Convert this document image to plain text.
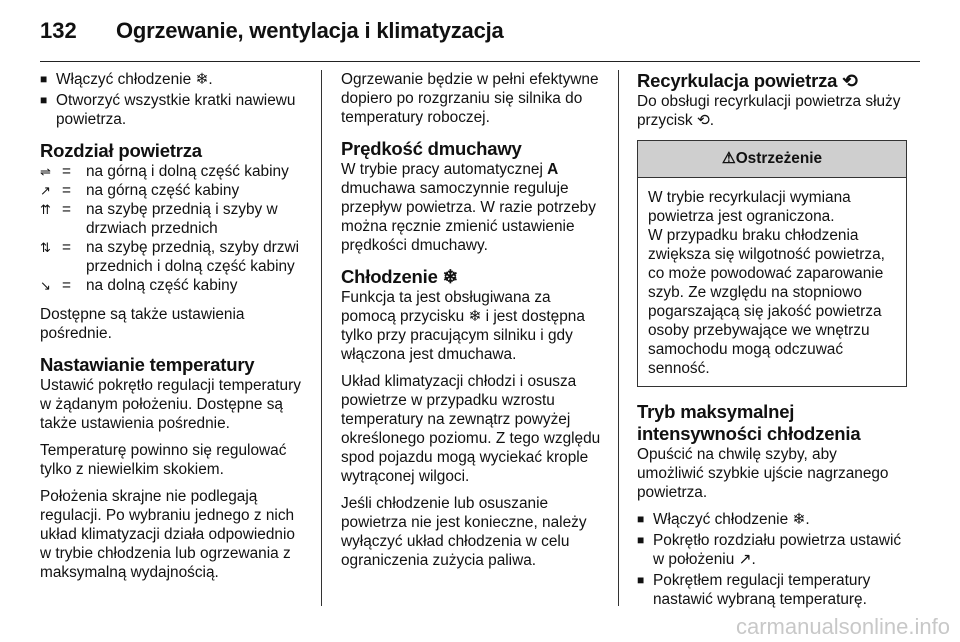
132 Ogrzewanie, wentylacja i klimatyzacja
■ Włączyć chłodzenie ❄.
■ Otworzyć wszystkie kratki nawiewu powietrza.
Rozdział powietrza
⇌ = na górną i dolną część kabiny
↗ = na górną część kabiny
⇈ = na szybę przednią i szyby w drzwiach przednich
⇅ = na szybę przednią, szyby drzwi przednich i dolną część kabiny
↘ = na dolną część kabiny

Dostępne są także ustawienia pośrednie.

Nastawianie temperatury

Ustawić pokrętło regulacji temperatury w żądanym położeniu. Dostępne są także ustawienia pośrednie.

Temperaturę powinno się regulować tylko z niewielkim skokiem.

Położenia skrajne nie podlegają regulacji. Po wybraniu jednego z nich układ klimatyzacji działa odpowiednio w trybie chłodzenia lub ogrzewania z maksymalną wydajnością.

Ogrzewanie będzie w pełni efektywne dopiero po rozgrzaniu się silnika do temperatury roboczej.

Prędkość dmuchawy

W trybie pracy automatycznej A dmuchawa samoczynnie reguluje przepływ powietrza. W razie potrzeby można ręcznie zmienić ustawienie prędkości dmuchawy.

Chłodzenie ❄

Funkcja ta jest obsługiwana za pomocą przycisku ❄ i jest dostępna tylko przy pracującym silniku i gdy włączona jest dmuchawa.

Układ klimatyzacji chłodzi i osusza powietrze w przypadku wzrostu temperatury na zewnątrz powyżej określonego poziomu. Z tego względu spod pojazdu mogą wyciekać krople wytrąconej wilgoci.

Jeśli chłodzenie lub osuszanie powietrza nie jest konieczne, należy wyłączyć układ chłodzenia w celu ograniczenia zużycia paliwa.

Recyrkulacja powietrza ⟲

Do obsługi recyrkulacji powietrza służy przycisk ⟲.

⚠Ostrzeżenie

W trybie recyrkulacji wymiana powietrza jest ograniczona.

W przypadku braku chłodzenia zwiększa się wilgotność powietrza, co może powodować zaparowanie szyb. Ze względu na stopniowo pogarszającą się jakość powietrza osoby przebywające we wnętrzu samochodu mogą odczuwać senność.

Tryb maksymalnej intensywności chłodzenia

Opuścić na chwilę szyby, aby umożliwić szybkie ujście nagrzanego powietrza.

■ Włączyć chłodzenie ❄.
■ Pokrętło rozdziału powietrza ustawić w położeniu ↗.
■ Pokrętłem regulacji temperatury nastawić wybraną temperaturę.
carmanualsonline.info
